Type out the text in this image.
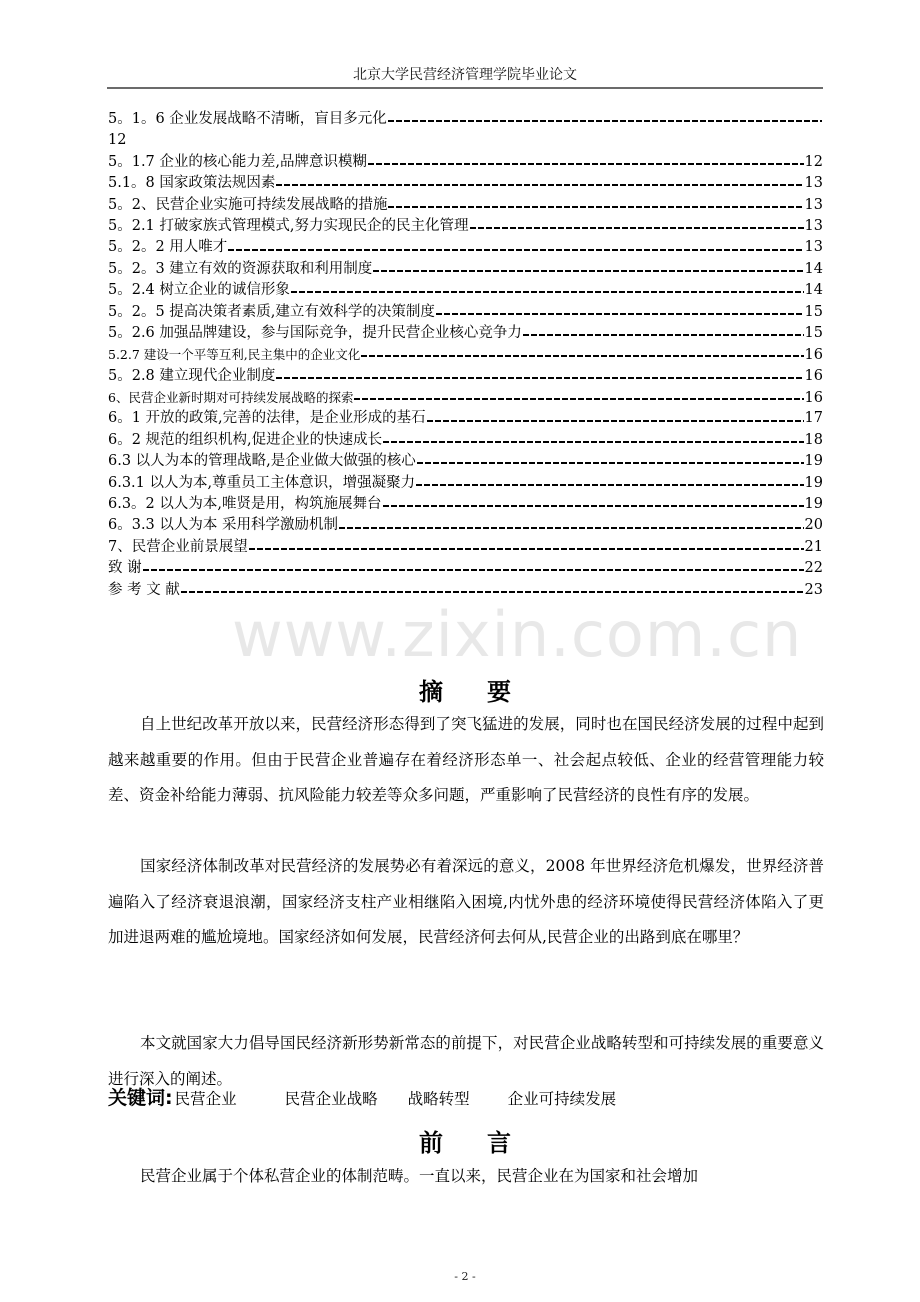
www.zixin.com.cn
北京大学民营经济管理学院毕业论文
5。1。6 企业发展战略不清晰，盲目多元化
12
5。1.7 企业的核心能力差,品牌意识模糊	12
5.1。8 国家政策法规因素	13
5。2、民营企业实施可持续发展战略的措施	13
5。2.1 打破家族式管理模式,努力实现民企的民主化管理	13
5。2。2 用人唯才	13
5。2。3 建立有效的资源获取和利用制度	14
5。2.4 树立企业的诚信形象	14
5。2。5 提高决策者素质,建立有效科学的决策制度	15
5。2.6 加强品牌建设，参与国际竞争，提升民营企业核心竞争力	15
5.2.7 建设一个平等互利,民主集中的企业文化	16
5。2.8 建立现代企业制度	16
6、民营企业新时期对可持续发展战略的探索	16
6。1 开放的政策,完善的法律，是企业形成的基石	17
6。2 规范的组织机构,促进企业的快速成长	18
6.3 以人为本的管理战略,是企业做大做强的核心	19
6.3.1 以人为本,尊重员工主体意识，增强凝聚力	19
6.3。2 以人为本,唯贤是用，构筑施展舞台	19
6。3.3 以人为本 采用科学激励机制	20
7、民营企业前景展望	21
致 谢	22
参 考 文 献	23
摘要
自上世纪改革开放以来，民营经济形态得到了突飞猛进的发展，同时也在国民经济发展的过程中起到越来越重要的作用。但由于民营企业普遍存在着经济形态单一、社会起点较低、企业的经营管理能力较差、资金补给能力薄弱、抗风险能力较差等众多问题，严重影响了民营经济的良性有序的发展。
国家经济体制改革对民营经济的发展势必有着深远的意义，2008 年世界经济危机爆发，世界经济普遍陷入了经济衰退浪潮，国家经济支柱产业相继陷入困境,内忧外患的经济环境使得民营经济体陷入了更加进退两难的尴尬境地。国家经济如何发展，民营经济何去何从,民营企业的出路到底在哪里？
本文就国家大力倡导国民经济新形势新常态的前提下，对民营企业战略转型和可持续发展的重要意义进行深入的阐述。
关键词: 民营企业	民营企业战略 战略转型 企业可持续发展
前言
民营企业属于个体私营企业的体制范畴。一直以来，民营企业在为国家和社会增加
- 2 -
